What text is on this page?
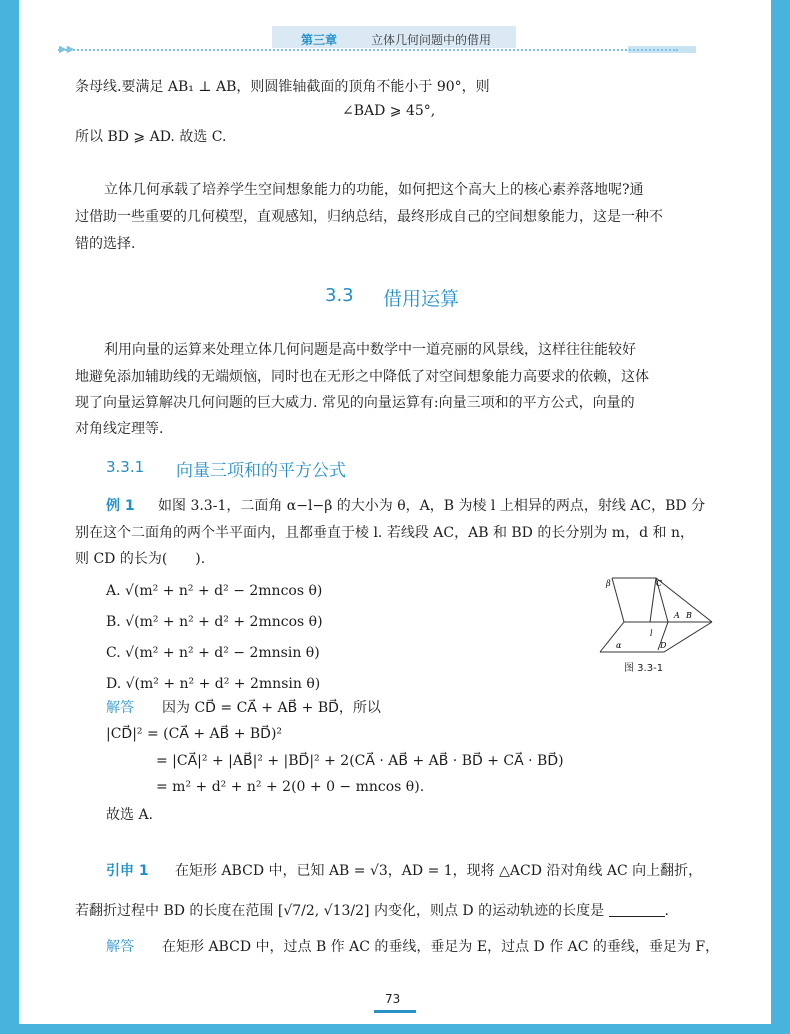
▶▶
第三章	立体几何问题中的借用
条母线.要满足 AB₁ ⊥ AB，则圆锥轴截面的顶角不能小于 90°，则
∠BAD ⩾ 45°,
所以 BD ⩾ AD. 故选 C.
立体几何承载了培养学生空间想象能力的功能，如何把这个高大上的核心素养落地呢?通
过借助一些重要的几何模型，直观感知，归纳总结，最终形成自己的空间想象能力，这是一种不
错的选择.
3.3 借用运算
利用向量的运算来处理立体几何问题是高中数学中一道亮丽的风景线，这样往往能较好
地避免添加辅助线的无端烦恼，同时也在无形之中降低了对空间想象能力高要求的依赖，这体
现了向量运算解决几何问题的巨大威力. 常见的向量运算有:向量三项和的平方公式，向量的
对角线定理等.
3.3.1 向量三项和的平方公式
例 1 如图 3.3-1，二面角 α−l−β 的大小为 θ，A，B 为棱 l 上相异的两点，射线 AC，BD 分
别在这个二面角的两个半平面内，且都垂直于棱 l. 若线段 AC，AB 和 BD 的长分别为 m，d 和 n，
则 CD 的长为(　　).
A. √(m² + n² + d² − 2mncos θ)
B. √(m² + n² + d² + 2mncos θ)
C. √(m² + n² + d² − 2mnsin θ)
D. √(m² + n² + d² + 2mnsin θ)
β	C
A B
l
α	D
图 3.3-1
解答 因为 CD⃗ = CA⃗ + AB⃗ + BD⃗，所以
|CD⃗|² = (CA⃗ + AB⃗ + BD⃗)²
= |CA⃗|² + |AB⃗|² + |BD⃗|² + 2(CA⃗ · AB⃗ + AB⃗ · BD⃗ + CA⃗ · BD⃗)
= m² + d² + n² + 2(0 + 0 − mncos θ).
故选 A.
引申 1 在矩形 ABCD 中，已知 AB = √3，AD = 1，现将 △ACD 沿对角线 AC 向上翻折，
若翻折过程中 BD 的长度在范围 [√7/2, √13/2] 内变化，则点 D 的运动轨迹的长度是	.
解答 在矩形 ABCD 中，过点 B 作 AC 的垂线，垂足为 E，过点 D 作 AC 的垂线，垂足为 F，
73
